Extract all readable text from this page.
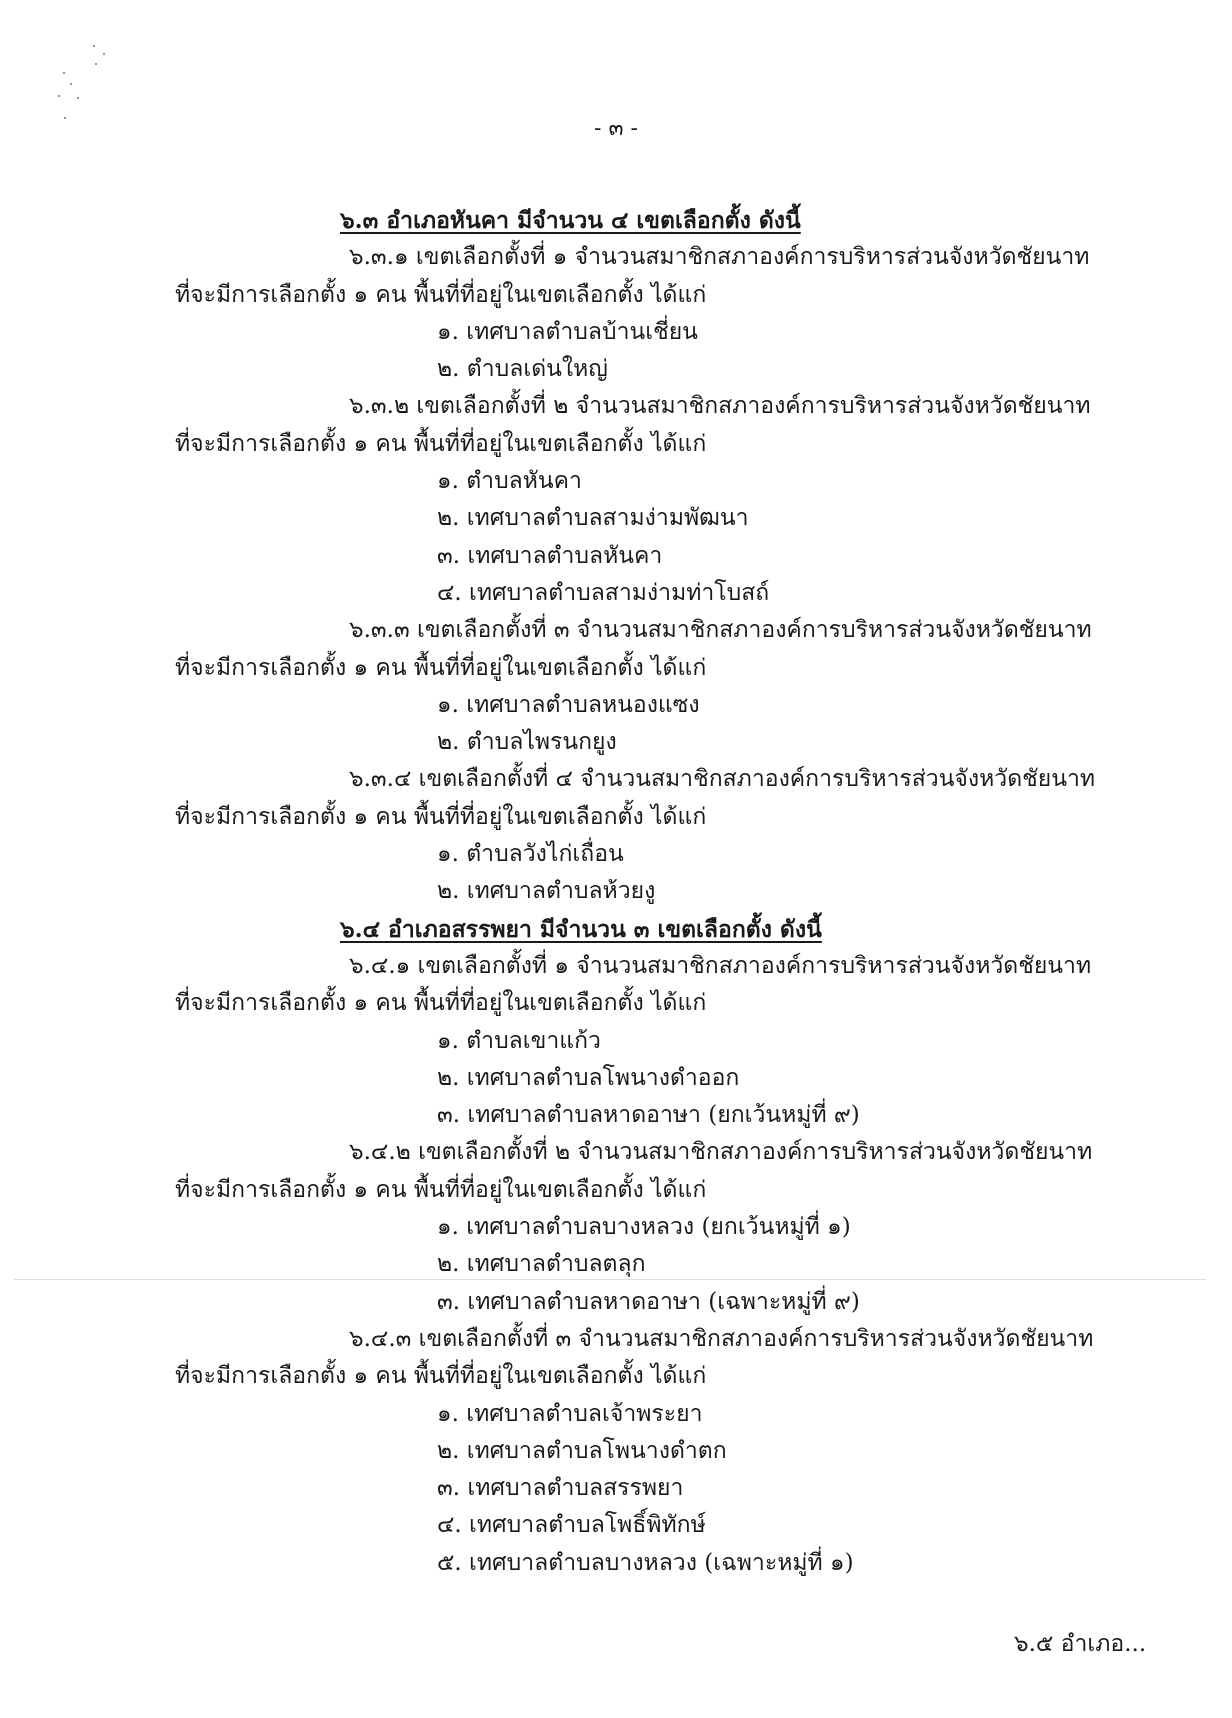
- ๓ -
๖.๓ อำเภอหันคา มีจำนวน ๔ เขตเลือกตั้ง ดังนี้
๖.๓.๑ เขตเลือกตั้งที่ ๑ จำนวนสมาชิกสภาองค์การบริหารส่วนจังหวัดชัยนาท
ที่จะมีการเลือกตั้ง ๑ คน พื้นที่ที่อยู่ในเขตเลือกตั้ง ได้แก่
๑. เทศบาลตำบลบ้านเชี่ยน
๒. ตำบลเด่นใหญ่
๖.๓.๒ เขตเลือกตั้งที่ ๒ จำนวนสมาชิกสภาองค์การบริหารส่วนจังหวัดชัยนาท
ที่จะมีการเลือกตั้ง ๑ คน พื้นที่ที่อยู่ในเขตเลือกตั้ง ได้แก่
๑. ตำบลหันคา
๒. เทศบาลตำบลสามง่ามพัฒนา
๓. เทศบาลตำบลหันคา
๔. เทศบาลตำบลสามง่ามท่าโบสถ์
๖.๓.๓ เขตเลือกตั้งที่ ๓ จำนวนสมาชิกสภาองค์การบริหารส่วนจังหวัดชัยนาท
ที่จะมีการเลือกตั้ง ๑ คน พื้นที่ที่อยู่ในเขตเลือกตั้ง ได้แก่
๑. เทศบาลตำบลหนองแซง
๒. ตำบลไพรนกยูง
๖.๓.๔ เขตเลือกตั้งที่ ๔ จำนวนสมาชิกสภาองค์การบริหารส่วนจังหวัดชัยนาท
ที่จะมีการเลือกตั้ง ๑ คน พื้นที่ที่อยู่ในเขตเลือกตั้ง ได้แก่
๑. ตำบลวังไก่เถื่อน
๒. เทศบาลตำบลห้วยงู
๖.๔ อำเภอสรรพยา มีจำนวน ๓ เขตเลือกตั้ง ดังนี้
๖.๔.๑ เขตเลือกตั้งที่ ๑ จำนวนสมาชิกสภาองค์การบริหารส่วนจังหวัดชัยนาท
ที่จะมีการเลือกตั้ง ๑ คน พื้นที่ที่อยู่ในเขตเลือกตั้ง ได้แก่
๑. ตำบลเขาแก้ว
๒. เทศบาลตำบลโพนางดำออก
๓. เทศบาลตำบลหาดอาษา (ยกเว้นหมู่ที่ ๙)
๖.๔.๒ เขตเลือกตั้งที่ ๒ จำนวนสมาชิกสภาองค์การบริหารส่วนจังหวัดชัยนาท
ที่จะมีการเลือกตั้ง ๑ คน พื้นที่ที่อยู่ในเขตเลือกตั้ง ได้แก่
๑. เทศบาลตำบลบางหลวง (ยกเว้นหมู่ที่ ๑)
๒. เทศบาลตำบลตลุก
๓. เทศบาลตำบลหาดอาษา (เฉพาะหมู่ที่ ๙)
๖.๔.๓ เขตเลือกตั้งที่ ๓ จำนวนสมาชิกสภาองค์การบริหารส่วนจังหวัดชัยนาท
ที่จะมีการเลือกตั้ง ๑ คน พื้นที่ที่อยู่ในเขตเลือกตั้ง ได้แก่
๑. เทศบาลตำบลเจ้าพระยา
๒. เทศบาลตำบลโพนางดำตก
๓. เทศบาลตำบลสรรพยา
๔. เทศบาลตำบลโพธิ์พิทักษ์
๕. เทศบาลตำบลบางหลวง (เฉพาะหมู่ที่ ๑)
๖.๕ อำเภอ...
